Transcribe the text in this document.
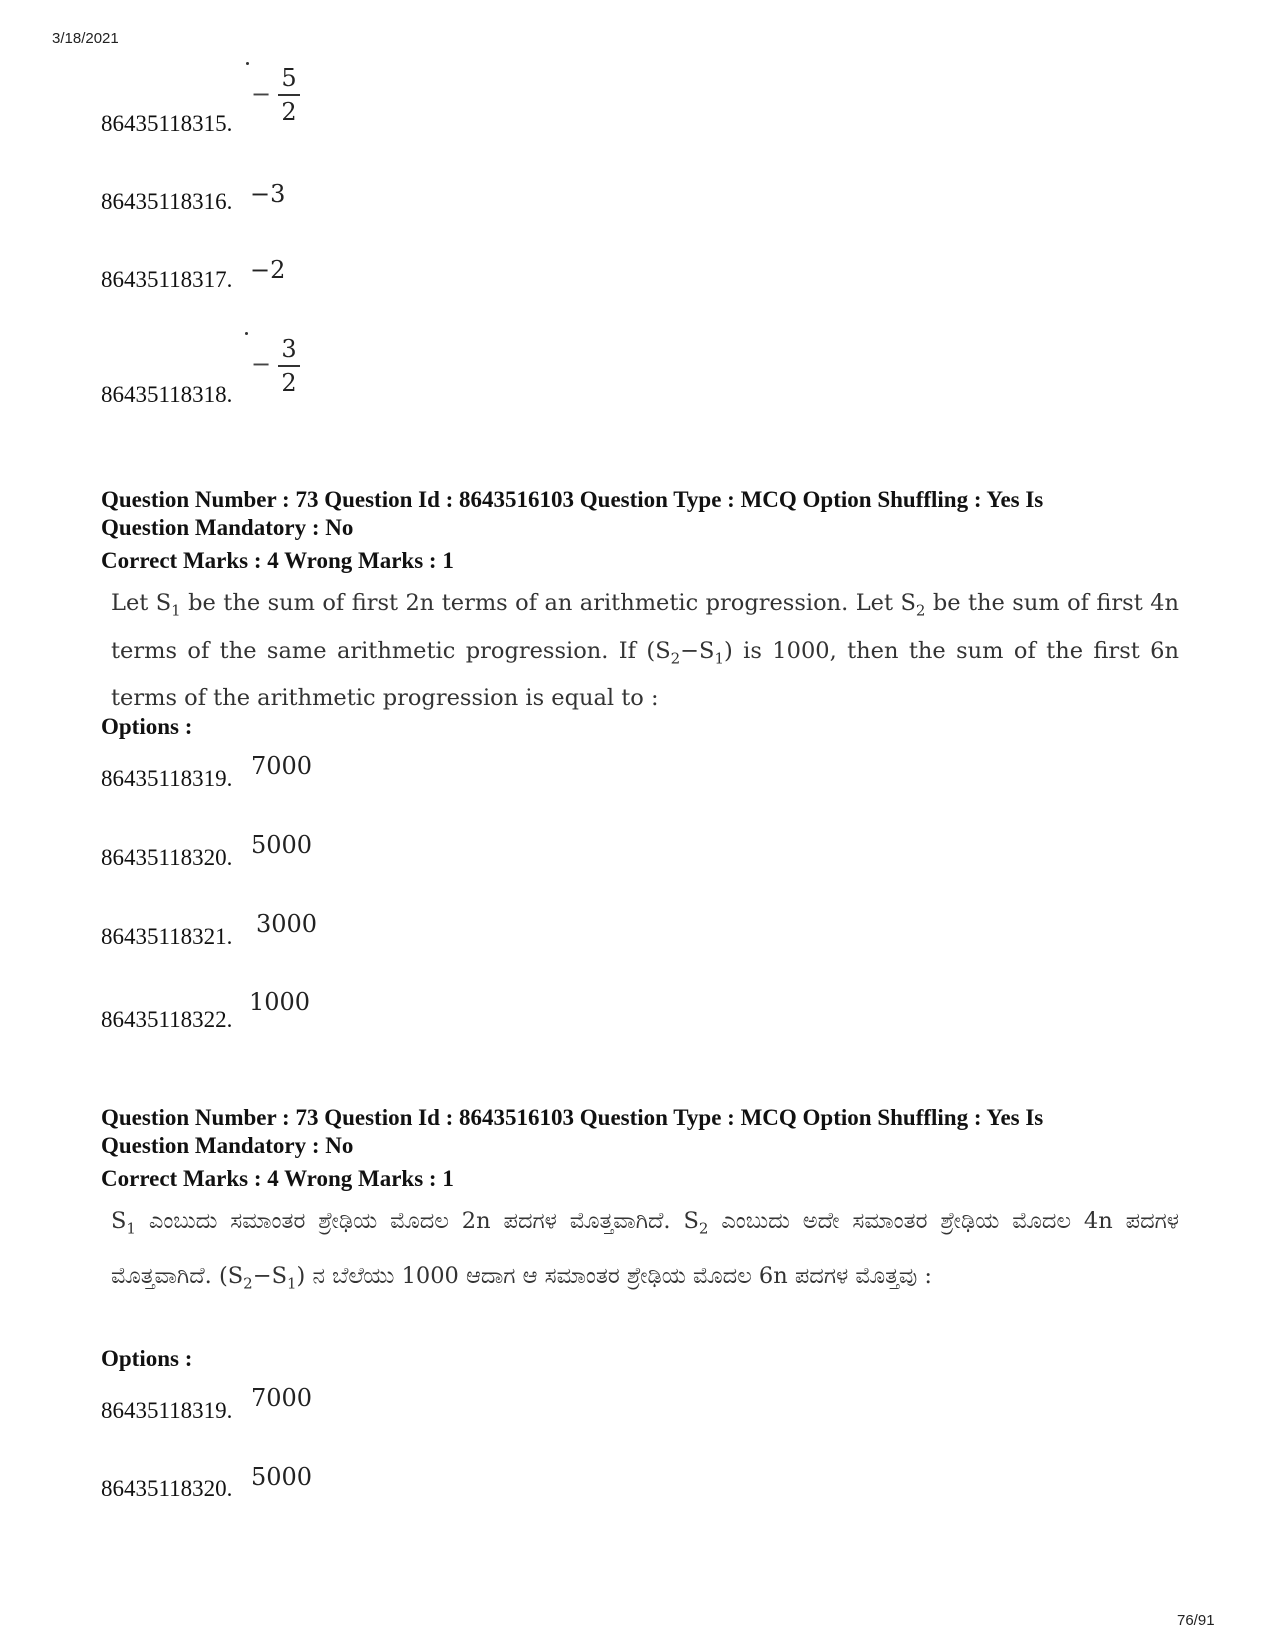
3/18/2021
86435118315.
− $\frac{5}{2}$
86435118316. −3
86435118317. −2
86435118318.
− $\frac{3}{2}$
Question Number : 73 Question Id : 8643516103 Question Type : MCQ Option Shuffling : Yes Is
Question Mandatory : No
Correct Marks : 4 Wrong Marks : 1
Let $S_1$ be the sum of first 2n terms of an arithmetic progression. Let $S_2$ be the sum of first 4n terms of the same arithmetic progression. If $(S_2-S_1)$ is 1000, then the sum of the first 6n terms of the arithmetic progression is equal to :
Options :
86435118319. 7000
86435118320. 5000
86435118321. 3000
86435118322.
1000
Question Number : 73 Question Id : 8643516103 Question Type : MCQ Option Shuffling : Yes Is
Question Mandatory : No
Correct Marks : 4 Wrong Marks : 1
$S_1$ ಎಂಬುದು ಸಮಾಂತರ ಶ್ರೇಢಿಯ ಮೊದಲ 2n ಪದಗಳ ಮೊತ್ತವಾಗಿದೆ. $S_2$ ಎಂಬುದು ಅದೇ ಸಮಾಂತರ ಶ್ರೇಢಿಯ ಮೊದಲ 4n ಪದಗಳ ಮೊತ್ತವಾಗಿದೆ. $(S_2-S_1)$ ನ ಬೆಲೆಯು 1000 ಆದಾಗ ಆ ಸಮಾಂತರ ಶ್ರೇಢಿಯ ಮೊದಲ 6n ಪದಗಳ ಮೊತ್ತವು :
Options :
86435118319. 7000
86435118320. 5000
76/91
